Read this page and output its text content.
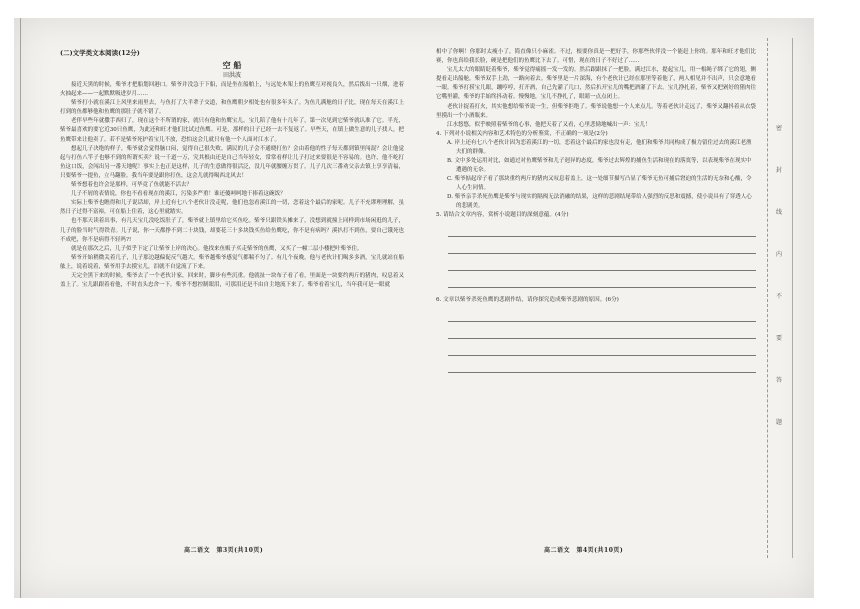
(二)文学类文本阅读(12分)
空 船
田洪波

接近天黑的时候，柴爷才把船划回港口。柴爷并没急于下船，而是坐在船舶上，与远处木架上的鱼鹰互对视良久，然后拨出一只烟，进着火抽起来——一起默默吸进岁月……

柴爷打小就在溪江上风里来雨里去，与鱼打了大半辈子交道，和鱼鹰朝夕相处也有很多年头了。为鱼儿满舱的日子比，现在每天在溪江上打到的鱼都够他和鱼鹰的那肚子就不错了。

老伴早些年就撒手西归了，现在这个不所谓的家，就只有他和鱼鹰宝儿。宝儿陪了他有十几年了，第一次见到它柴爷就认准了它。半光，柴爷最喜欢的要它近30只鱼鹰，为此还和旺才他们比试过鱼鹰。可是，那样的日子已经一去不复返了。早些天，在镇上做生意的儿子找人，把鱼鹰带来让他卖了。若不是柴爷死护着宝儿不放，恐怕这会儿就只有他一个人面对江水了。

想起几子决绝的样子，柴爷就会觉得脑口闷，觉得自己很失败。满民的儿子会不通晓打鱼？会由着他的性子每天都到镇里闯混？会让他觉起与打鱼八竿子也够不到的所谓买卖？说一千道一万，究其根由还是自己当年轻女，常常看样让儿子打过来要很是不容易的。也许，他不屹打鱼这口饭，会闯出另一番天地呢！事实上也正是这样，儿子的生意做得很活泛，没几年就腰缠万贯了。儿子几次三番劝父亲去镇上享享清福，只要柴爷一提鱼，立马翻脸。我当年要是跟你打鱼，这会儿就得喝西北风去！

柴爷想着也许会是那样，可毕竟了鱼就能不活去？

儿子不屑的表情说，你也不看看现在的溪江，污染多严重！谁还傻呵呵地干捧着这碗饭？

实际上柴爷也瞧得和儿子说话却，岸上近有七八个老伙计没走呢，他们也忽看溪江的一切，恋着这个最后的家呢。儿子不充谬理理解，虽然日子过得不富裕，可在船上住着，这心里就踏实。

也不那天读着出事，有几天宝几没吃饭肚子了，柴爷就上镇里给它买鱼吃。柴爷只跟铁头摊来了，没想到就撞上同样到市场闲逛的儿子，儿子的脸当时气得铁青。儿子说，你一天都挣不到二十块钱，却要花三十多块钱买鱼给鱼鹰吃，你不是有病吗？溪扒打不到鱼，要自己饿死也不成吧，你不是病得不轻吗?!

就是在那次之后，儿子似乎下定了让柴爷上岸的决心。他找来鱼贩子买走柴爷的鱼鹰，又买了一幢二层小楼把叶柴爷住。

柴爷开始稍微关着几子，儿子那边越偏促反气越大，柴爷越柴爷感觉气都喘不匀了。有几个夜晚，他与老伙计们喝多多酒，宝儿就站在船舷上，说着说着，柴爷用手去摸宝儿，泪就不自觉流了下来。

天完全黑下来的时候，柴爷去了一个老伙计家，回来时，脚步有些沉重。他就扯一块布子看了看，里面是一块要约两斤的猪肉，叹息着又盖上了。宝儿跟跟着看他，不时直头忠舍一下。柴爷不想控制眼泪，可那泪还是不由自主地流下来了。柴爷看着宝几，当年我可是一眼就

高二语文　第3页(共10页)

相中了你啊！你那时太瘦小了，简直像只小麻雀。不过，根要你真是一把好手，你那些伙伴没一个能赶上你的。那年和旺才他们比赛，你也真给我长脸，硬是把他们的鱼鹰比下去了。可惜，现在的日子不好过了……

宝儿太大的眼睛眨着柴爷，柴爷觉得痛摇一发一发的。然后跟跟抹了一把脸，满过江水，提起宝儿，用一根绳子绑了它的翅，侧提看走出船舱。柴爷双手上劲，一路向着去。柴爷里是一片深海，有个老伙计已经在那里等着他了，两人相见并不出声，只会意地看一眼。柴爷打捞宝儿眼，蹦哼哼，打开酒，自己先灌了几口，然后扒开宝儿的嘴把酒灌了下去。宝儿挣扎着，柴爷又把剁好的猪肉往它嘴里灌，柴爷的手始终抖动着。慢慢地，宝几不挣扎了，眼睛一点点闭上。

老伙计捉着打火，其实他想给柴爷说一生，但柴爷拒绝了。柴爷说他想一个人来点儿。等着老伙计走远了，柴爷又翻抖着从衣袋里摸出一个小酒瓶来。

江水悠悠，似乎映照着柴爷的心事，他把天着了又看，心里悲恸地喊出一声：宝儿！

4. 下列对小说相关内容和艺术特色的分析鉴赏，不正确的一项是(2分)
A. 岸上还有七八个老伙计因为恋着溪江的一切，恋着这个最后的家也没有走，他们和柴爷共同构成了极力留住过去的溪江老渔夫们的群像。
B. 文中多处运用对比，如通过对鱼鹰柴爷和儿子迥异的态度，柴爷过去辉煌的捕鱼生活和现在的落寞等，以表现柴爷在现实中遭遇的无奈。
C. 柴爷掂起帘子看了那块重约两斤的猪肉又叹息着盖上，这一处细节描写凸显了柴爷无鱼可捕后窘迫的生活的无奈和心酸，令人心生同情。
D. 柴爷亲手杀死鱼鹰是柴爷与现实的隔阂无法消融的结果，这样的悲剧结尾带给人强烈的反思和震撼，使小说具有了穿透人心的悲剧美。
5. 请结合文章内容，赏析小说题目的深刻意蕴。(4分)
6. 文章以柴爷杀死鱼鹰的悲剧作结，请你探究造成柴爷悲剧的原因。(6分)
高二语文　第4页(共10页)
密
封
线
内
不
要
答
题
